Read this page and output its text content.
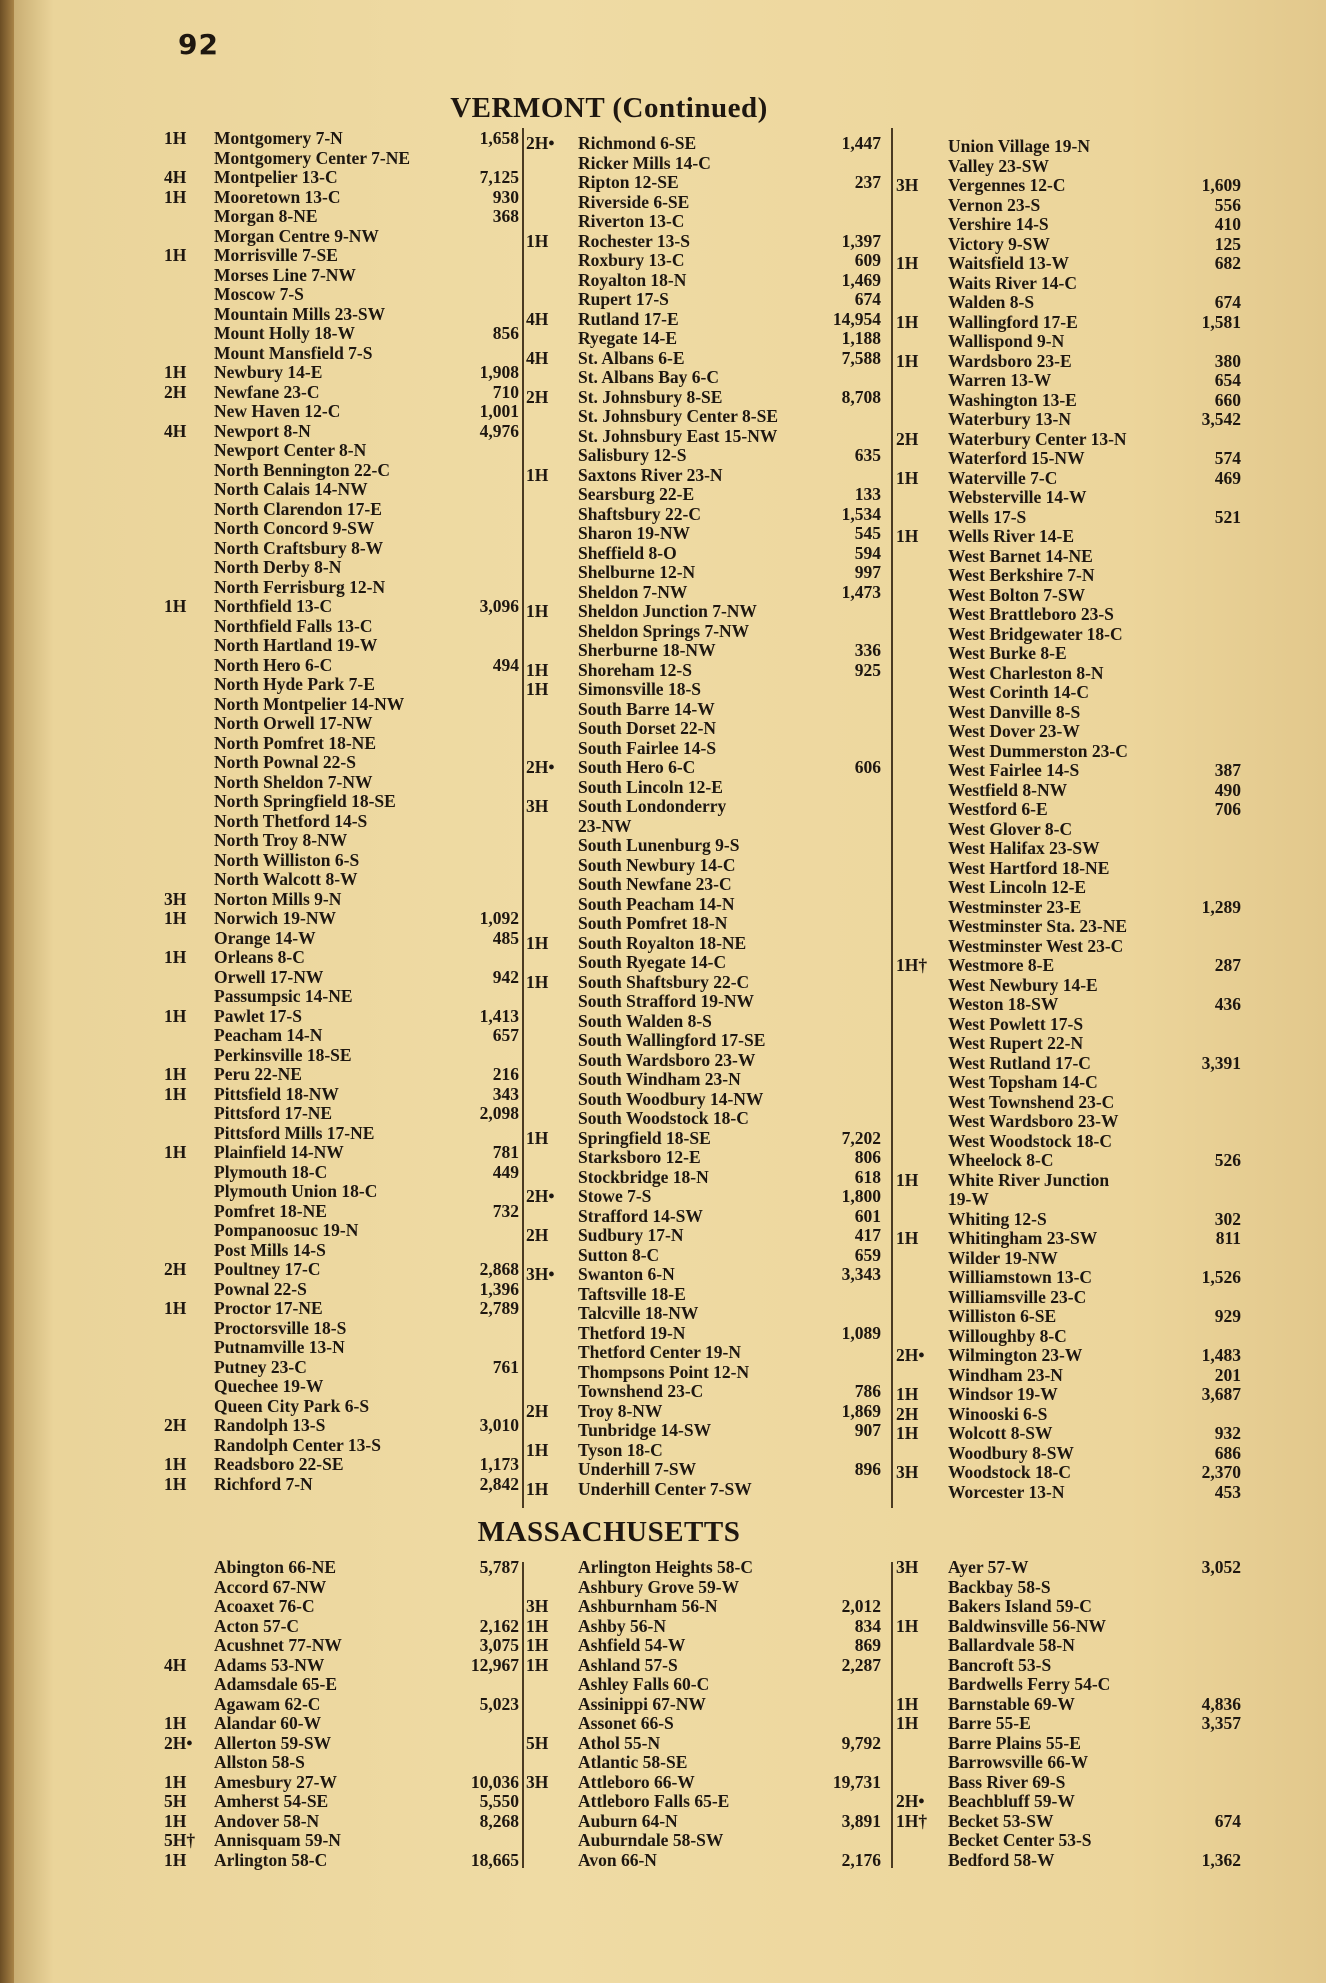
92
VERMONT (Continued)
MASSACHUSETTS
1H Montgomery 7-N	1,658
Montgomery Center 7-NE
4H Montpelier 13-C	7,125
1H Mooretown 13-C	930
Morgan 8-NE	368
Morgan Centre 9-NW
1H Morrisville 7-SE
Morses Line 7-NW
Moscow 7-S
Mountain Mills 23-SW
Mount Holly 18-W	856
Mount Mansfield 7-S
1H Newbury 14-E	1,908
2H Newfane 23-C	710
New Haven 12-C	1,001
4H Newport 8-N	4,976
Newport Center 8-N
North Bennington 22-C
North Calais 14-NW
North Clarendon 17-E
North Concord 9-SW
North Craftsbury 8-W
North Derby 8-N
North Ferrisburg 12-N
1H Northfield 13-C	3,096
Northfield Falls 13-C
North Hartland 19-W
North Hero 6-C	494
North Hyde Park 7-E
North Montpelier 14-NW
North Orwell 17-NW
North Pomfret 18-NE
North Pownal 22-S
North Sheldon 7-NW
North Springfield 18-SE
North Thetford 14-S
North Troy 8-NW
North Williston 6-S
North Walcott 8-W
3H Norton Mills 9-N
1H Norwich 19-NW	1,092
Orange 14-W	485
1H Orleans 8-C
Orwell 17-NW	942
Passumpsic 14-NE
1H Pawlet 17-S	1,413
Peacham 14-N	657
Perkinsville 18-SE
1H Peru 22-NE	216
1H Pittsfield 18-NW	343
Pittsford 17-NE	2,098
Pittsford Mills 17-NE
1H Plainfield 14-NW	781
Plymouth 18-C	449
Plymouth Union 18-C
Pomfret 18-NE	732
Pompanoosuc 19-N
Post Mills 14-S
2H Poultney 17-C	2,868
Pownal 22-S	1,396
1H Proctor 17-NE	2,789
Proctorsville 18-S
Putnamville 13-N
Putney 23-C	761
Quechee 19-W
Queen City Park 6-S
2H Randolph 13-S	3,010
Randolph Center 13-S
1H Readsboro 22-SE	1,173
1H Richford 7-N	2,842
2H• Richmond 6-SE	1,447
Ricker Mills 14-C
Ripton 12-SE	237
Riverside 6-SE
Riverton 13-C
1H Rochester 13-S	1,397
Roxbury 13-C	609
Royalton 18-N	1,469
Rupert 17-S	674
4H Rutland 17-E	14,954
Ryegate 14-E	1,188
4H St. Albans 6-E	7,588
St. Albans Bay 6-C
2H St. Johnsbury 8-SE	8,708
St. Johnsbury Center 8-SE
St. Johnsbury East 15-NW
Salisbury 12-S	635
1H Saxtons River 23-N
Searsburg 22-E	133
Shaftsbury 22-C	1,534
Sharon 19-NW	545
Sheffield 8-O	594
Shelburne 12-N	997
Sheldon 7-NW	1,473
1H Sheldon Junction 7-NW
Sheldon Springs 7-NW
Sherburne 18-NW	336
1H Shoreham 12-S	925
1H Simonsville 18-S
South Barre 14-W
South Dorset 22-N
South Fairlee 14-S
2H• South Hero 6-C	606
South Lincoln 12-E
3H South Londonderry
23-NW
South Lunenburg 9-S
South Newbury 14-C
South Newfane 23-C
South Peacham 14-N
South Pomfret 18-N
1H South Royalton 18-NE
South Ryegate 14-C
1H South Shaftsbury 22-C
South Strafford 19-NW
South Walden 8-S
South Wallingford 17-SE
South Wardsboro 23-W
South Windham 23-N
South Woodbury 14-NW
South Woodstock 18-C
1H Springfield 18-SE	7,202
Starksboro 12-E	806
Stockbridge 18-N	618
2H• Stowe 7-S	1,800
Strafford 14-SW	601
2H Sudbury 17-N	417
Sutton 8-C	659
3H• Swanton 6-N	3,343
Taftsville 18-E
Talcville 18-NW
Thetford 19-N	1,089
Thetford Center 19-N
Thompsons Point 12-N
Townshend 23-C	786
2H Troy 8-NW	1,869
Tunbridge 14-SW	907
1H Tyson 18-C
Underhill 7-SW	896
1H Underhill Center 7-SW
Union Village 19-N
Valley 23-SW
3H Vergennes 12-C	1,609
Vernon 23-S	556
Vershire 14-S	410
Victory 9-SW	125
1H Waitsfield 13-W	682
Waits River 14-C
Walden 8-S	674
1H Wallingford 17-E	1,581
Wallispond 9-N
1H Wardsboro 23-E	380
Warren 13-W	654
Washington 13-E	660
Waterbury 13-N	3,542
2H Waterbury Center 13-N
Waterford 15-NW	574
1H Waterville 7-C	469
Websterville 14-W
Wells 17-S	521
1H Wells River 14-E
West Barnet 14-NE
West Berkshire 7-N
West Bolton 7-SW
West Brattleboro 23-S
West Bridgewater 18-C
West Burke 8-E
West Charleston 8-N
West Corinth 14-C
West Danville 8-S
West Dover 23-W
West Dummerston 23-C
West Fairlee 14-S	387
Westfield 8-NW	490
Westford 6-E	706
West Glover 8-C
West Halifax 23-SW
West Hartford 18-NE
West Lincoln 12-E
Westminster 23-E	1,289
Westminster Sta. 23-NE
Westminster West 23-C
1H† Westmore 8-E	287
West Newbury 14-E
Weston 18-SW	436
West Powlett 17-S
West Rupert 22-N
West Rutland 17-C	3,391
West Topsham 14-C
West Townshend 23-C
West Wardsboro 23-W
West Woodstock 18-C
Wheelock 8-C	526
1H White River Junction
19-W
Whiting 12-S	302
1H Whitingham 23-SW	811
Wilder 19-NW
Williamstown 13-C	1,526
Williamsville 23-C
Williston 6-SE	929
Willoughby 8-C
2H• Wilmington 23-W	1,483
Windham 23-N	201
1H Windsor 19-W	3,687
2H Winooski 6-S
1H Wolcott 8-SW	932
Woodbury 8-SW	686
3H Woodstock 18-C	2,370
Worcester 13-N	453
Abington 66-NE	5,787
Accord 67-NW
Acoaxet 76-C
Acton 57-C	2,162
Acushnet 77-NW	3,075
4H Adams 53-NW	12,967
Adamsdale 65-E
Agawam 62-C	5,023
1H Alandar 60-W
2H• Allerton 59-SW
Allston 58-S
1H Amesbury 27-W	10,036
5H Amherst 54-SE	5,550
1H Andover 58-N	8,268
5H† Annisquam 59-N
1H Arlington 58-C	18,665
Arlington Heights 58-C
Ashbury Grove 59-W
3H Ashburnham 56-N	2,012
1H Ashby 56-N	834
1H Ashfield 54-W	869
1H Ashland 57-S	2,287
Ashley Falls 60-C
Assinippi 67-NW
Assonet 66-S
5H Athol 55-N	9,792
Atlantic 58-SE
3H Attleboro 66-W	19,731
Attleboro Falls 65-E
Auburn 64-N	3,891
Auburndale 58-SW
Avon 66-N	2,176
3H Ayer 57-W	3,052
Backbay 58-S
Bakers Island 59-C
1H Baldwinsville 56-NW
Ballardvale 58-N
Bancroft 53-S
Bardwells Ferry 54-C
1H Barnstable 69-W	4,836
1H Barre 55-E	3,357
Barre Plains 55-E
Barrowsville 66-W
Bass River 69-S
2H• Beachbluff 59-W
1H† Becket 53-SW	674
Becket Center 53-S
Bedford 58-W	1,362
